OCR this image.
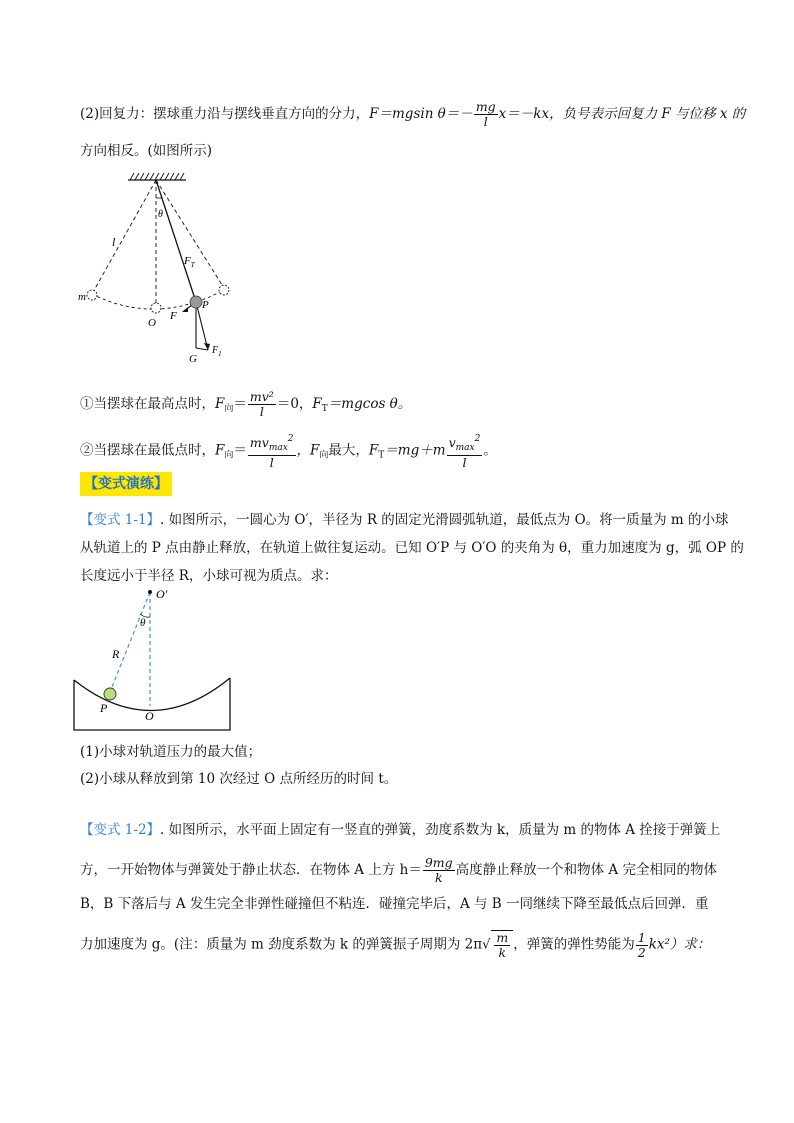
(2)回复力：摆球重力沿与摆线垂直方向的分力，F＝mgsin $\theta=- \frac{mg}{l} x=-kx$，负号表示回复力 F 与位移 x 的
方向相反。(如图所示)
θ
l
$F_T$
m
O
P
F
G
$F_1$
①当摆球在最高点时，$F_向= \frac{\text{mv²}}{l} =0$，$F_T=mgcos$ θ。
②当摆球在最低点时，$F_向= \frac{mv_{max}^2}{l}$ ，$F_向$最大，$F_T=mg+m \frac{v_{max}^2}{l}$ 。
【变式演练】
【变式 1-1】. 如图所示，一圆心为 O′，半径为 R 的固定光滑圆弧轨道，最低点为 O。将一质量为 m 的小球
从轨道上的 P 点由静止释放，在轨道上做往复运动。已知 O′P 与 O′O 的夹角为 θ，重力加速度为 g，弧 OP 的
长度远小于半径 R，小球可视为质点。求：
O′
θ
R
P
O
(1)小球对轨道压力的最大值；
(2)小球从释放到第 10 次经过 O 点所经历的时间 t。
【变式 1-2】. 如图所示，水平面上固定有一竖直的弹簧，劲度系数为 k，质量为 m 的物体 A 拴接于弹簧上
方，一开始物体与弹簧处于静止状态．在物体 A 上方 $h= \frac{9mg}{k}$ 高度静止释放一个和物体 A 完全相同的物体
B，B 下落后与 A 发生完全非弹性碰撞但不粘连．碰撞完毕后，A 与 B 一同继续下降至最低点后回弹．重
力加速度为 g。(注：质量为 m 劲度系数为 k 的弹簧振子周期为 $2\pi√ \frac{m}{k}$ ，弹簧的弹性势能为 $\frac{1}{2} kx^2$）求：
